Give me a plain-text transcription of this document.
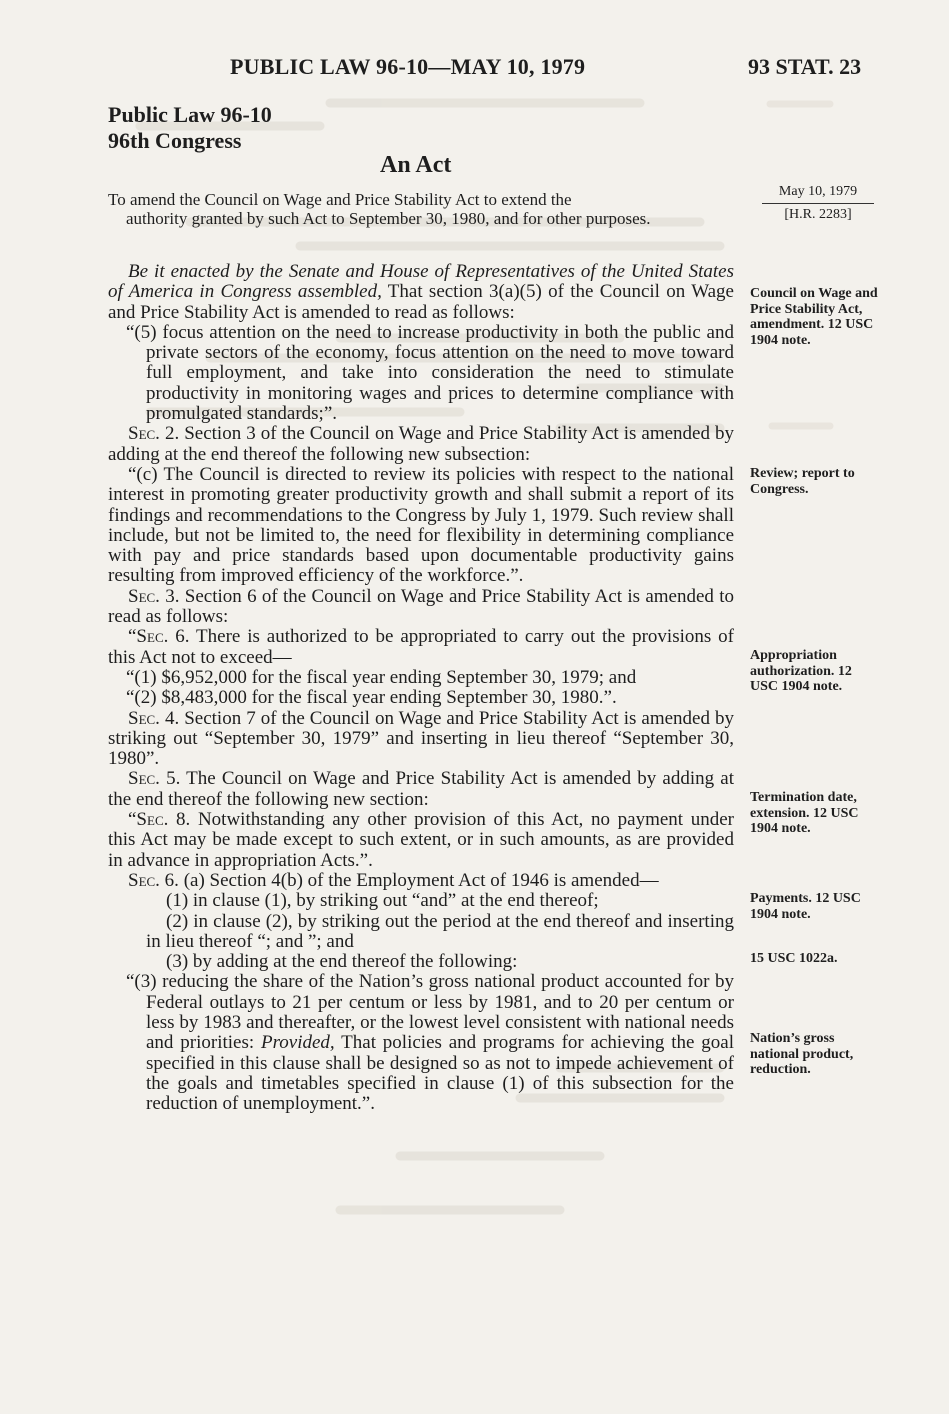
PUBLIC LAW 96-10—MAY 10, 1979	93 STAT. 23
Public Law 96-10
96th Congress
An Act
To amend the Council on Wage and Price Stability Act to extend the
authority granted by such Act to September 30, 1980, and for other purposes.
May 10, 1979
[H.R. 2283]

Be it enacted by the Senate and House of Representatives of the United States of America in Congress assembled, That section 3(a)(5) of the Council on Wage and Price Stability Act is amended to read as follows:

“(5) focus attention on the need to increase productivity in both the public and private sectors of the economy, focus attention on the need to move toward full employment, and take into consideration the need to stimulate productivity in monitoring wages and prices to determine compliance with promulgated standards;”.

Sec. 2. Section 3 of the Council on Wage and Price Stability Act is amended by adding at the end thereof the following new subsection:

“(c) The Council is directed to review its policies with respect to the national interest in promoting greater productivity growth and shall submit a report of its findings and recommendations to the Congress by July 1, 1979. Such review shall include, but not be limited to, the need for flexibility in determining compliance with pay and price standards based upon documentable productivity gains resulting from improved efficiency of the workforce.”.

Sec. 3. Section 6 of the Council on Wage and Price Stability Act is amended to read as follows:

“Sec. 6. There is authorized to be appropriated to carry out the provisions of this Act not to exceed—

“(1) $6,952,000 for the fiscal year ending September 30, 1979; and

“(2) $8,483,000 for the fiscal year ending September 30, 1980.”.

Sec. 4. Section 7 of the Council on Wage and Price Stability Act is amended by striking out “September 30, 1979” and inserting in lieu thereof “September 30, 1980”.

Sec. 5. The Council on Wage and Price Stability Act is amended by adding at the end thereof the following new section:

“Sec. 8. Notwithstanding any other provision of this Act, no payment under this Act may be made except to such extent, or in such amounts, as are provided in advance in appropriation Acts.”.

Sec. 6. (a) Section 4(b) of the Employment Act of 1946 is amended—

(1) in clause (1), by striking out “and” at the end thereof;

(2) in clause (2), by striking out the period at the end thereof and inserting in lieu thereof “; and ”; and

(3) by adding at the end thereof the following:

“(3) reducing the share of the Nation’s gross national product accounted for by Federal outlays to 21 per centum or less by 1981, and to 20 per centum or less by 1983 and thereafter, or the lowest level consistent with national needs and priorities: Provided, That policies and programs for achieving the goal specified in this clause shall be designed so as not to impede achievement of the goals and timetables specified in clause (1) of this subsection for the reduction of unemployment.”.

Council on Wage and Price Stability Act, amendment. 12 USC 1904 note.
Review; report to Congress.
Appropriation authorization. 12 USC 1904 note.
Termination date, extension. 12 USC 1904 note.
Payments. 12 USC 1904 note.
15 USC 1022a.
Nation’s gross national product, reduction.
